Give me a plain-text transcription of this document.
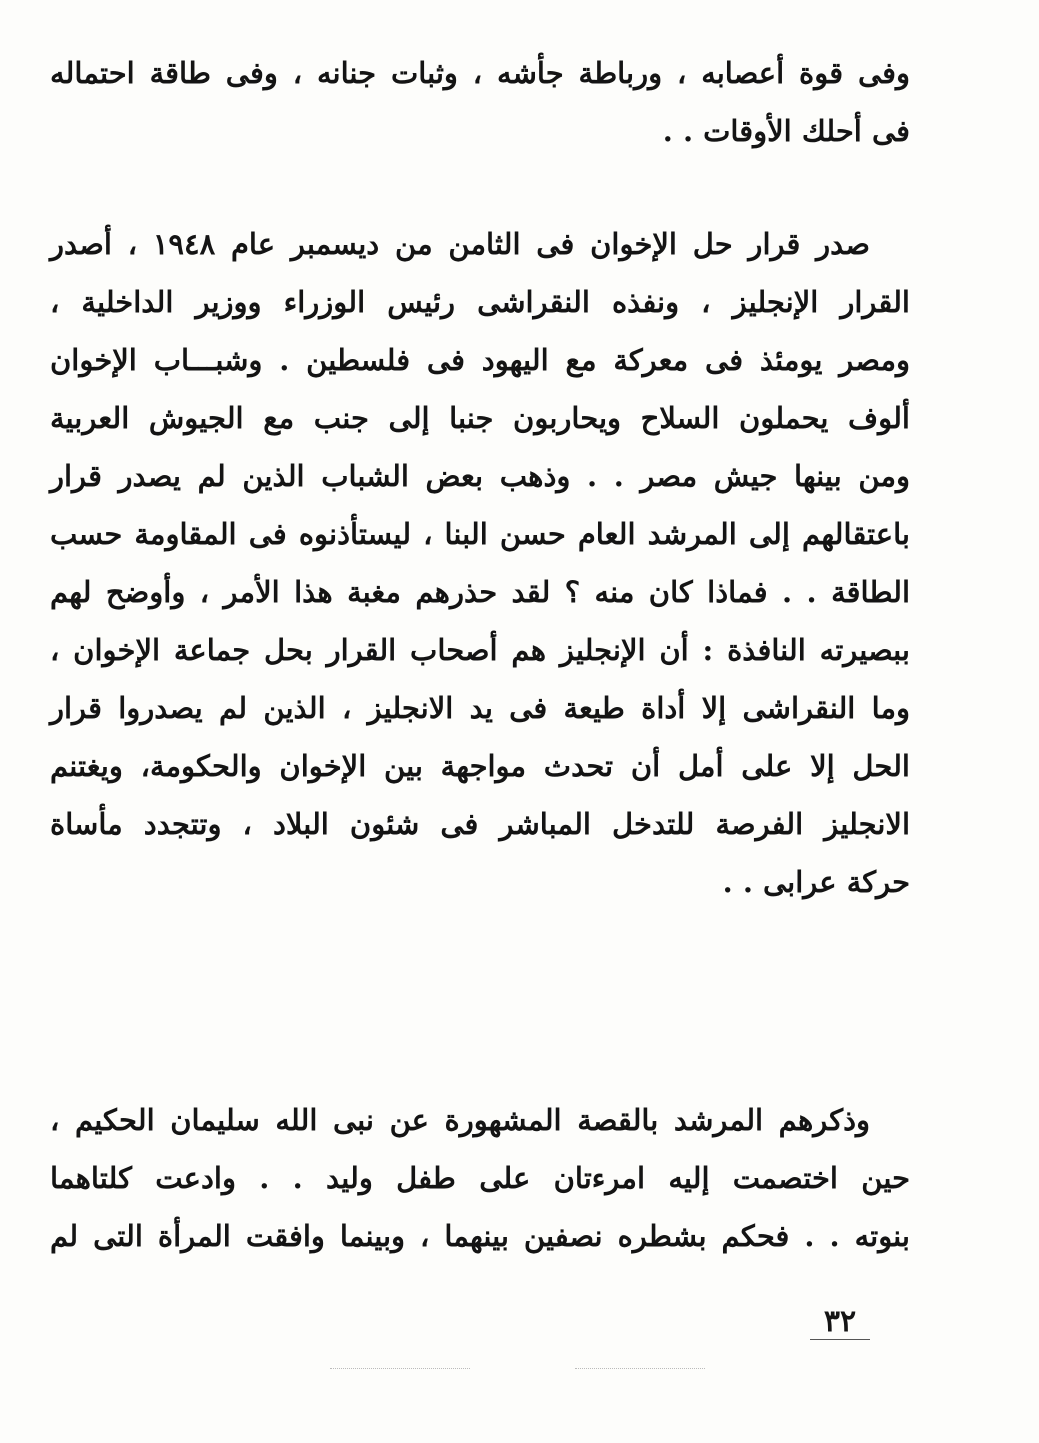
وفى قوة أعصابه ، ورباطة جأشه ، وثبات جنانه ، وفى طاقة احتماله
فى أحلك الأوقات . .
صدر قرار حل الإخوان فى الثامن من ديسمبر عام ١٩٤٨ ، أصدر
القرار الإنجليز ، ونفذه النقراشى رئيس الوزراء ووزير الداخلية ،
ومصر يومئذ فى معركة مع اليهود فى فلسطين . وشبـــاب الإخوان
ألوف يحملون السلاح ويحاربون جنبا إلى جنب مع الجيوش العربية
ومن بينها جيش مصر . . وذهب بعض الشباب الذين لم يصدر قرار
باعتقالهم إلى المرشد العام حسن البنا ، ليستأذنوه فى المقاومة حسب
الطاقة . . فماذا كان منه ؟ لقد حذرهم مغبة هذا الأمر ، وأوضح لهم
ببصيرته النافذة : أن الإنجليز هم أصحاب القرار بحل جماعة الإخوان ،
وما النقراشى إلا أداة طيعة فى يد الانجليز ، الذين لم يصدروا قرار
الحل إلا على أمل أن تحدث مواجهة بين الإخوان والحكومة، ويغتنم
الانجليز الفرصة للتدخل المباشر فى شئون البلاد ، وتتجدد مأساة
حركة عرابى . .
وذكرهم المرشد بالقصة المشهورة عن نبى الله سليمان الحكيم ،
حين اختصمت إليه امرءتان على طفل وليد . . وادعت كلتاهما
بنوته . . فحكم بشطره نصفين بينهما ، وبينما وافقت المرأة التى لم
٣٢
